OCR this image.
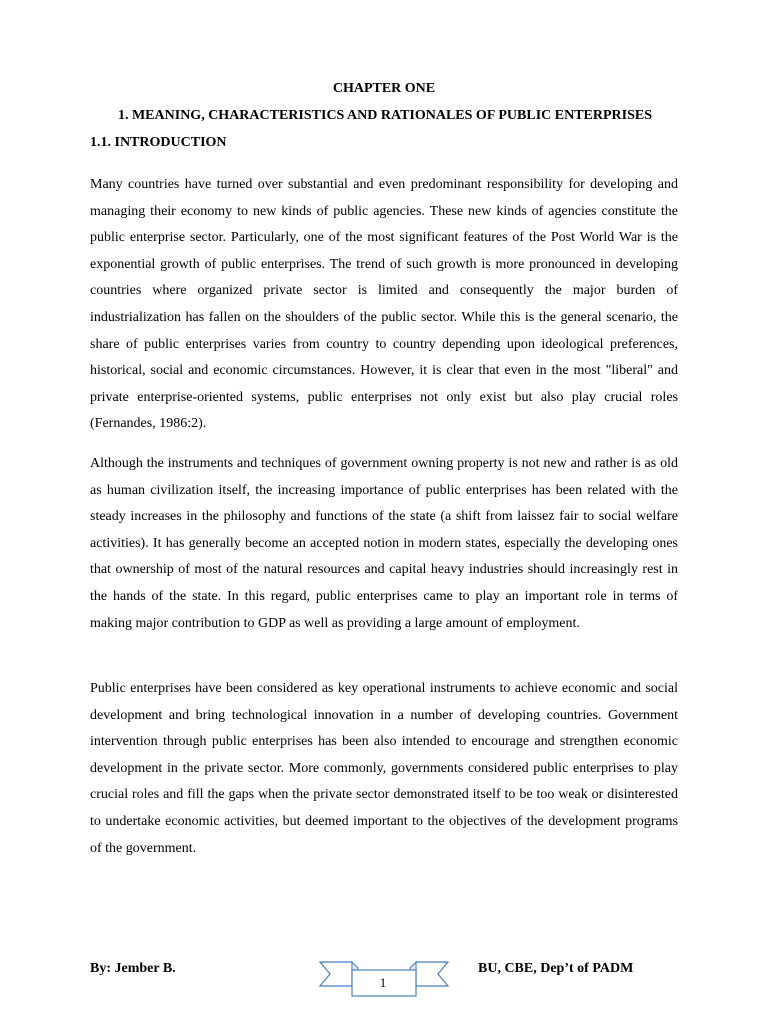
CHAPTER ONE
1. MEANING, CHARACTERISTICS AND RATIONALES OF PUBLIC ENTERPRISES
1.1. INTRODUCTION

Many countries have turned over substantial and even predominant responsibility for developing and managing their economy to new kinds of public agencies. These new kinds of agencies constitute the public enterprise sector. Particularly, one of the most significant features of the Post World War is the exponential growth of public enterprises. The trend of such growth is more pronounced in developing countries where organized private sector is limited and consequently the major burden of industrialization has fallen on the shoulders of the public sector. While this is the general scenario, the share of public enterprises varies from country to country depending upon ideological preferences, historical, social and economic circumstances. However, it is clear that even in the most "liberal" and private enterprise-oriented systems, public enterprises not only exist but also play crucial roles (Fernandes, 1986:2).

Although the instruments and techniques of government owning property is not new and rather is as old as human civilization itself, the increasing importance of public enterprises has been related with the steady increases in the philosophy and functions of the state (a shift from laissez fair to social welfare activities). It has generally become an accepted notion in modern states, especially the developing ones that ownership of most of the natural resources and capital heavy industries should increasingly rest in the hands of the state. In this regard, public enterprises came to play an important role in terms of making major contribution to GDP as well as providing a large amount of employment.

Public enterprises have been considered as key operational instruments to achieve economic and social development and bring technological innovation in a number of developing countries. Government intervention through public enterprises has been also intended to encourage and strengthen economic development in the private sector. More commonly, governments considered public enterprises to play crucial roles and fill the gaps when the private sector demonstrated itself to be too weak or disinterested to undertake economic activities, but deemed important to the objectives of the development programs of the government.

By: Jember B.
1
BU, CBE, Dep’t of PADM
